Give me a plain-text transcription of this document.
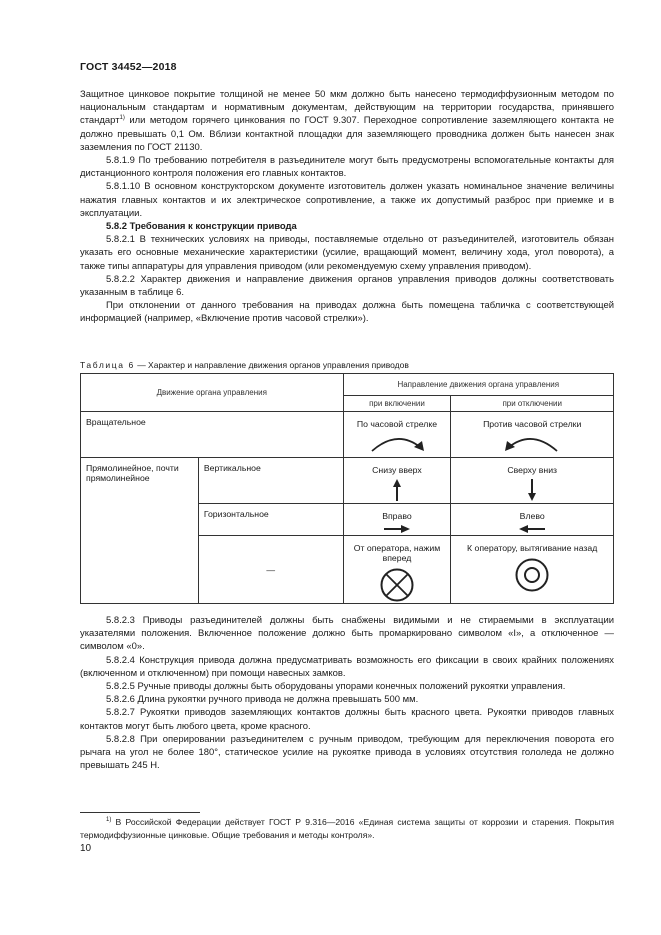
ГОСТ 34452—2018

Защитное цинковое покрытие толщиной не менее 50 мкм должно быть нанесено термодиффузионным методом по национальным стандартам и нормативным документам, действующим на территории государства, принявшего стандарт$^{1)}$ или методом горячего цинкования по ГОСТ 9.307. Переходное сопротивление заземляющего контакта не должно превышать 0,1 Ом. Вблизи контактной площадки для заземляющего проводника должен быть нанесен знак заземления по ГОСТ 21130.

5.8.1.9 По требованию потребителя в разъединителе могут быть предусмотрены вспомогательные контакты для дистанционного контроля положения его главных контактов.

5.8.1.10 В основном конструкторском документе изготовитель должен указать номинальное значение величины нажатия главных контактов и их электрическое сопротивление, а также их допустимый разброс при приемке и в эксплуатации.

5.8.2 Требования к конструкции привода

5.8.2.1 В технических условиях на приводы, поставляемые отдельно от разъединителей, изготовитель обязан указать его основные механические характеристики (усилие, вращающий момент, величину хода, угол поворота), а также типы аппаратуры для управления приводом (или рекомендуемую схему управления приводом).

5.8.2.2 Характер движения и направление движения органов управления приводов должны соответствовать указанным в таблице 6.

При отклонении от данного требования на приводах должна быть помещена табличка с соответствующей информацией (например, «Включение против часовой стрелки»).

Таблица 6 — Характер и направление движения органов управления приводов
Движение органа управления		Направление движения органа управления	
		при включении	при отключении

Вращательное		По часовой стрелке	Против часовой стрелки

Прямолинейное, почти прямолинейное	Вертикальное	Снизу вверх	Сверху вниз

	Горизонтальное	Вправо	Влево

	—	От оператора, нажим вперед	К оператору, вытягивание назад

5.8.2.3 Приводы разъединителей должны быть снабжены видимыми и не стираемыми в эксплуатации указателями положения. Включенное положение должно быть промаркировано символом «I», а отключенное — символом «0».

5.8.2.4 Конструкция привода должна предусматривать возможность его фиксации в своих крайних положениях (включенном и отключенном) при помощи навесных замков.

5.8.2.5 Ручные приводы должны быть оборудованы упорами конечных положений рукоятки управления.

5.8.2.6 Длина рукоятки ручного привода не должна превышать 500 мм.

5.8.2.7 Рукоятки приводов заземляющих контактов должны быть красного цвета. Рукоятки приводов главных контактов могут быть любого цвета, кроме красного.

5.8.2.8 При оперировании разъединителем с ручным приводом, требующим для переключения поворота его рычага на угол не более 180°, статическое усилие на рукоятке привода в условиях отсутствия гололеда не должно превышать 245 Н.

$^{1)}$ В Российской Федерации действует ГОСТ Р 9.316—2016 «Единая система защиты от коррозии и старения. Покрытия термодиффузионные цинковые. Общие требования и методы контроля».
10
